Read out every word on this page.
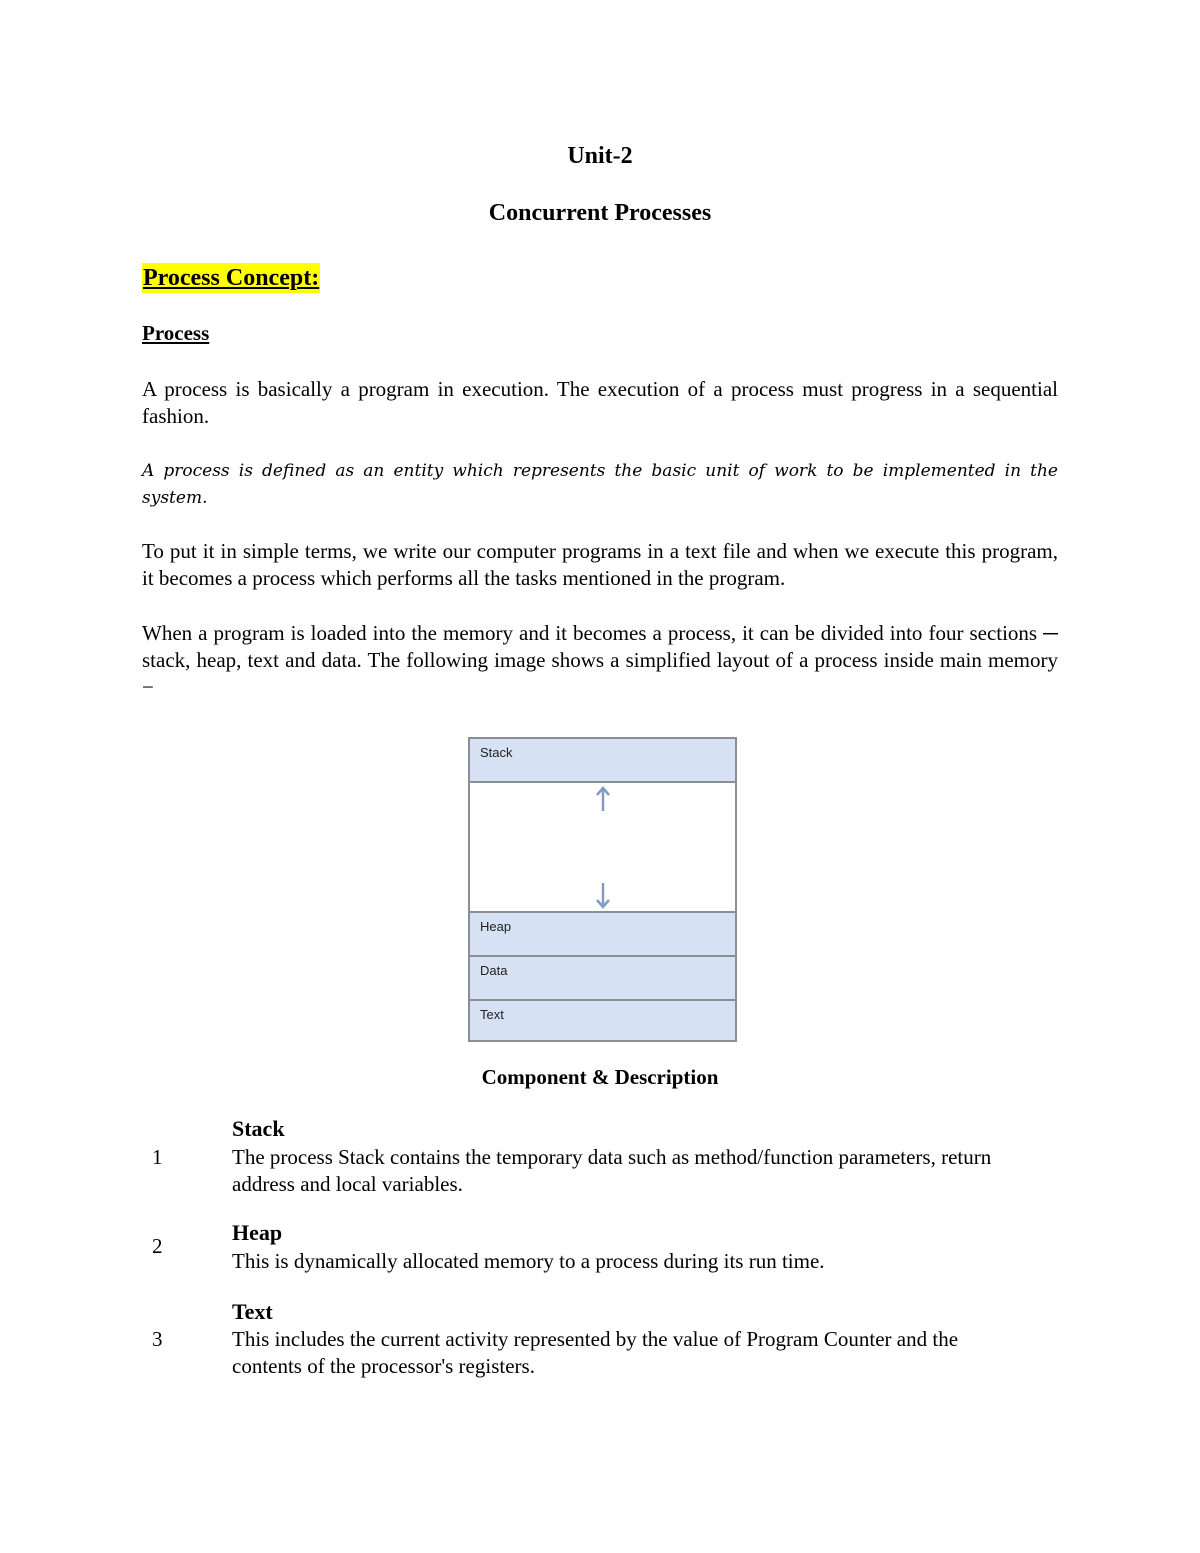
Unit-2
Concurrent Processes
Process Concept:
Process
A process is basically a program in execution. The execution of a process must progress in a sequential fashion.
A process is defined as an entity which represents the basic unit of work to be implemented in the system.
To put it in simple terms, we write our computer programs in a text file and when we execute this program, it becomes a process which performs all the tasks mentioned in the program.
When a program is loaded into the memory and it becomes a process, it can be divided into four sections ─ stack, heap, text and data. The following image shows a simplified layout of a process inside main memory −
Stack
Heap
Data
Text
Component & Description
Stack
1	The process Stack contains the temporary data such as method/function parameters, return address and local variables.
Heap
2
This is dynamically allocated memory to a process during its run time.
Text
3	This includes the current activity represented by the value of Program Counter and the contents of the processor's registers.
